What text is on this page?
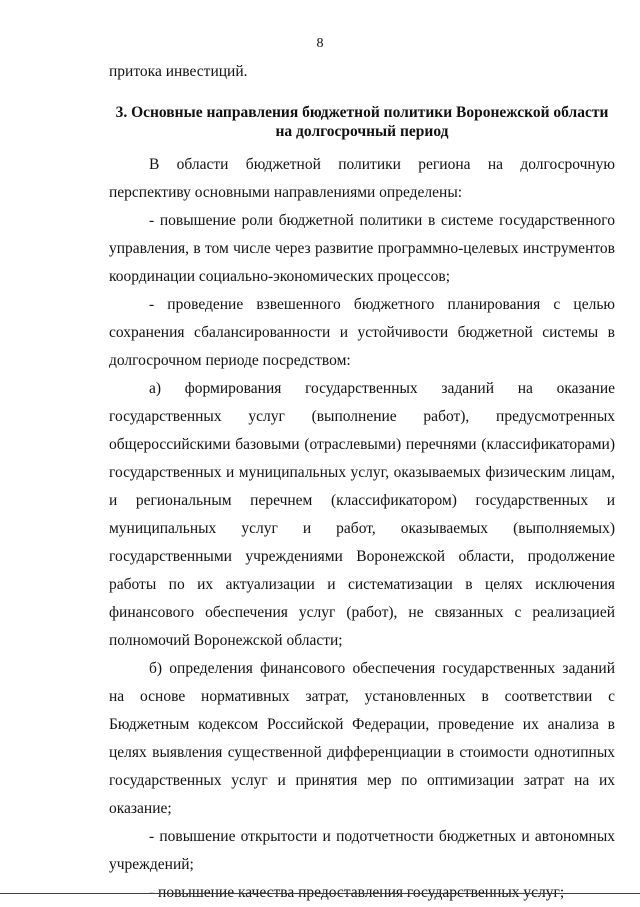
8
притока инвестиций.
3. Основные направления бюджетной политики Воронежской области
на долгосрочный период

В области бюджетной политики региона на долгосрочную перспективу основными направлениями определены:

- повышение роли бюджетной политики в системе государственного управления, в том числе через развитие программно-целевых инструментов координации социально-экономических процессов;

- проведение взвешенного бюджетного планирования с целью сохранения сбалансированности и устойчивости бюджетной системы в долгосрочном периоде посредством:

а) формирования государственных заданий на оказание государственных услуг (выполнение работ), предусмотренных общероссийскими базовыми (отраслевыми) перечнями (классификаторами) государственных и муниципальных услуг, оказываемых физическим лицам, и региональным перечнем (классификатором) государственных и муниципальных услуг и работ, оказываемых (выполняемых) государственными учреждениями Воронежской области, продолжение работы по их актуализации и систематизации в целях исключения финансового обеспечения услуг (работ), не связанных с реализацией полномочий Воронежской области;

б) определения финансового обеспечения государственных заданий на основе нормативных затрат, установленных в соответствии с Бюджетным кодексом Российской Федерации, проведение их анализа в целях выявления существенной дифференциации в стоимости однотипных государственных услуг и принятия мер по оптимизации затрат на их оказание;

- повышение открытости и подотчетности бюджетных и автономных учреждений;

- повышение качества предоставления государственных услуг;
